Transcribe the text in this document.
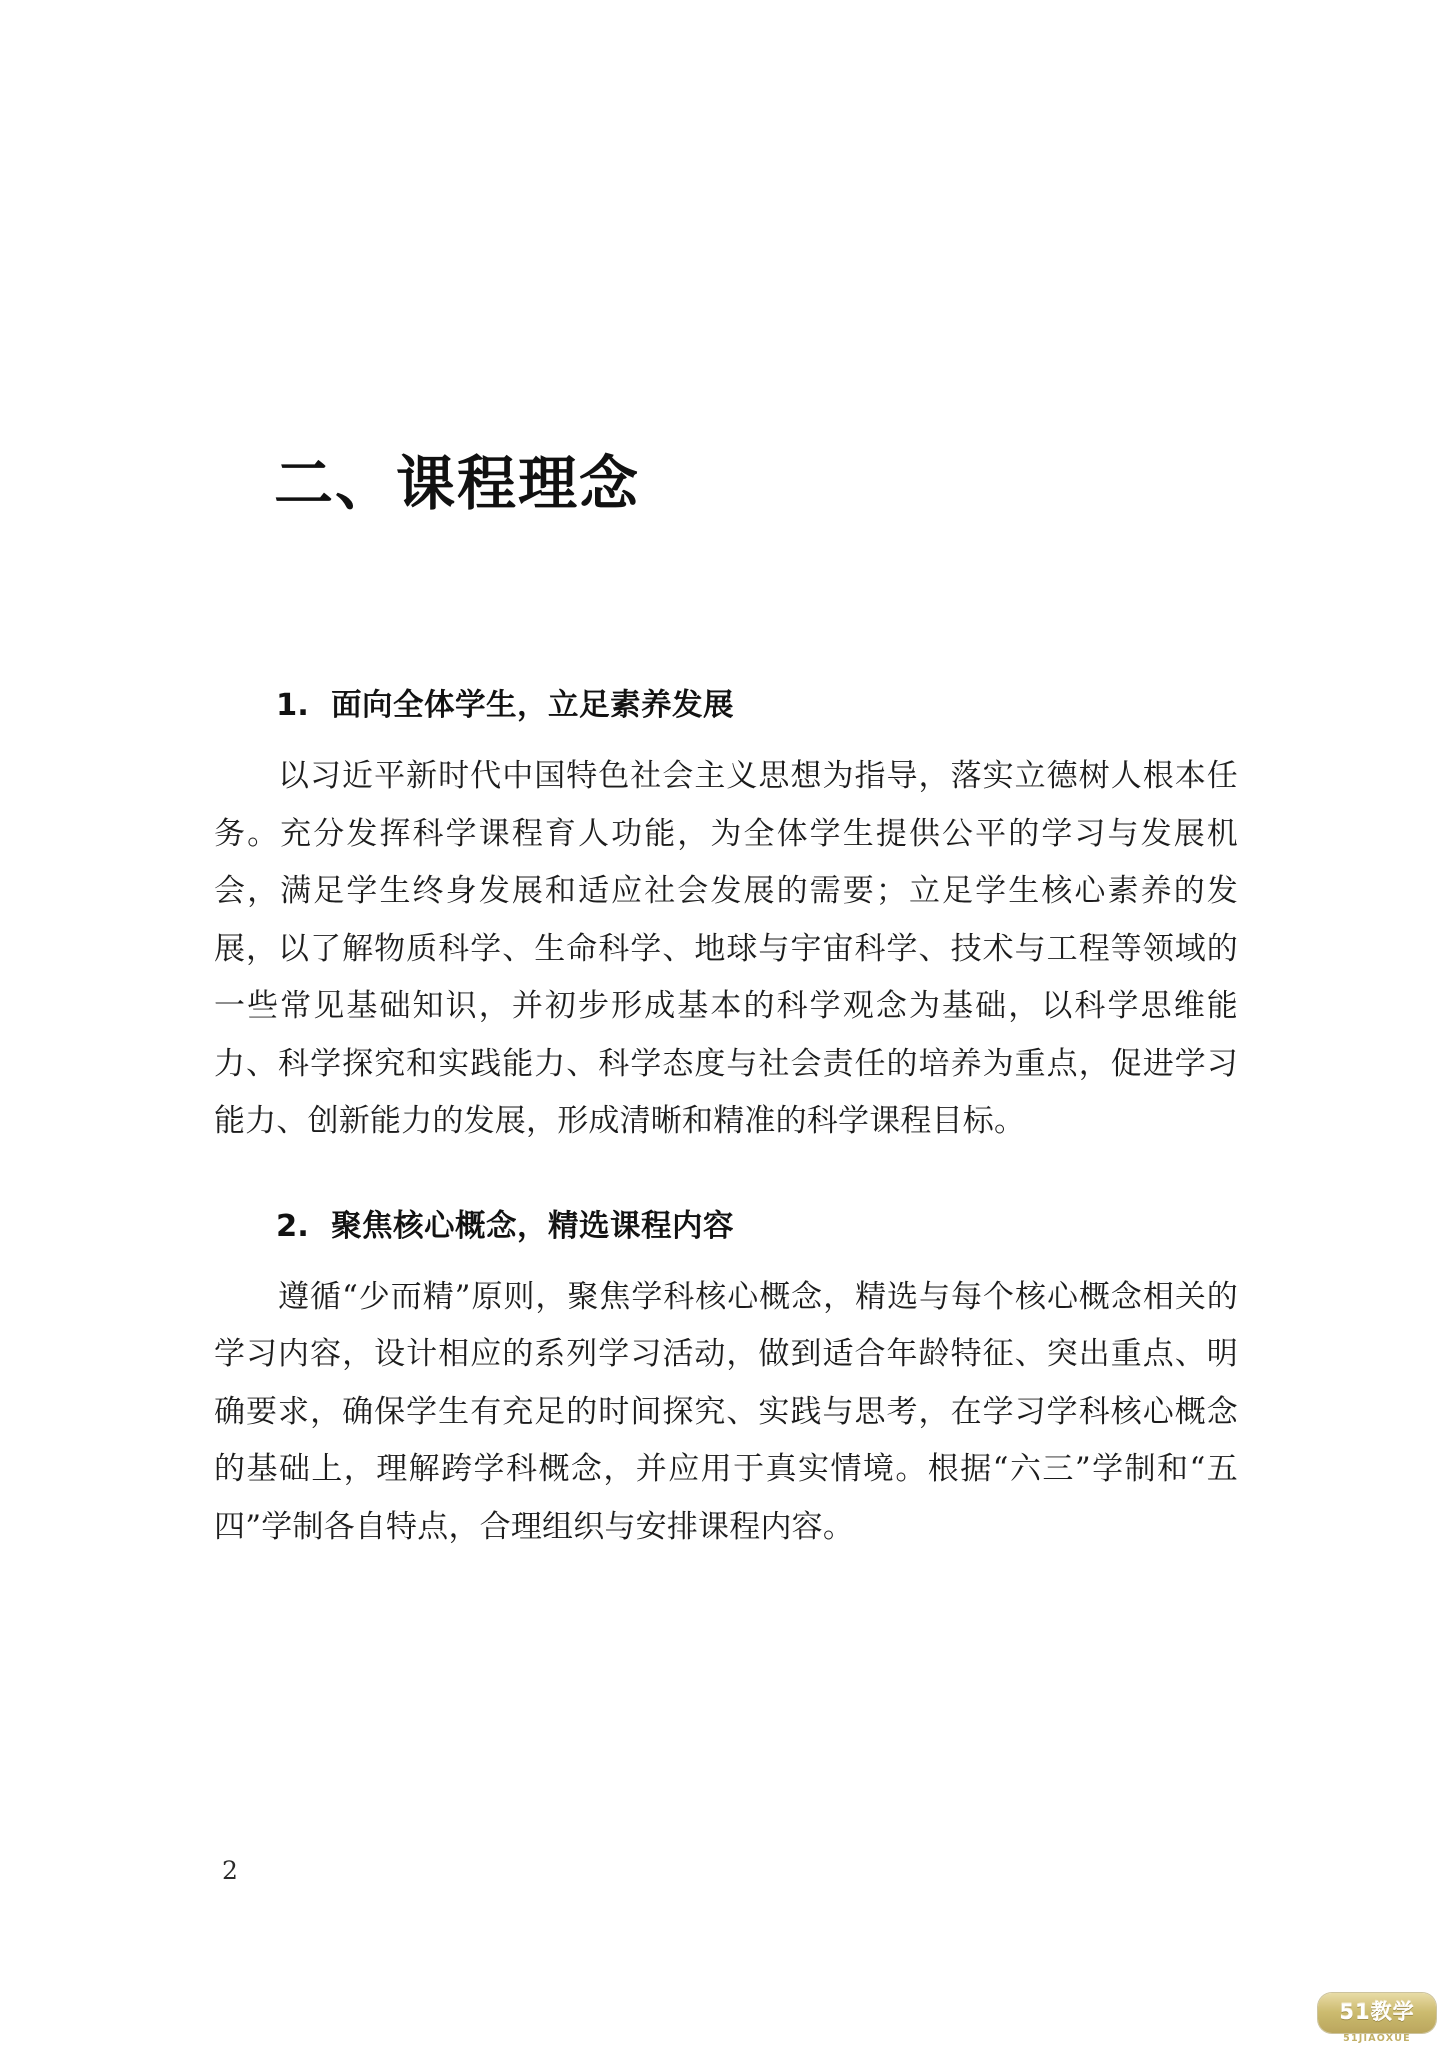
二、课程理念
1. 面向全体学生，立足素养发展

以习近平新时代中国特色社会主义思想为指导，落实立德树人根本任务。充分发挥科学课程育人功能，为全体学生提供公平的学习与发展机会，满足学生终身发展和适应社会发展的需要；立足学生核心素养的发展，以了解物质科学、生命科学、地球与宇宙科学、技术与工程等领域的一些常见基础知识，并初步形成基本的科学观念为基础，以科学思维能力、科学探究和实践能力、科学态度与社会责任的培养为重点，促进学习能力、创新能力的发展，形成清晰和精准的科学课程目标。

2. 聚焦核心概念，精选课程内容

遵循“少而精”原则，聚焦学科核心概念，精选与每个核心概念相关的学习内容，设计相应的系列学习活动，做到适合年龄特征、突出重点、明确要求，确保学生有充足的时间探究、实践与思考，在学习学科核心概念的基础上，理解跨学科概念，并应用于真实情境。根据“六三”学制和“五四”学制各自特点，合理组织与安排课程内容。

2
51教学
51JIAOXUE
